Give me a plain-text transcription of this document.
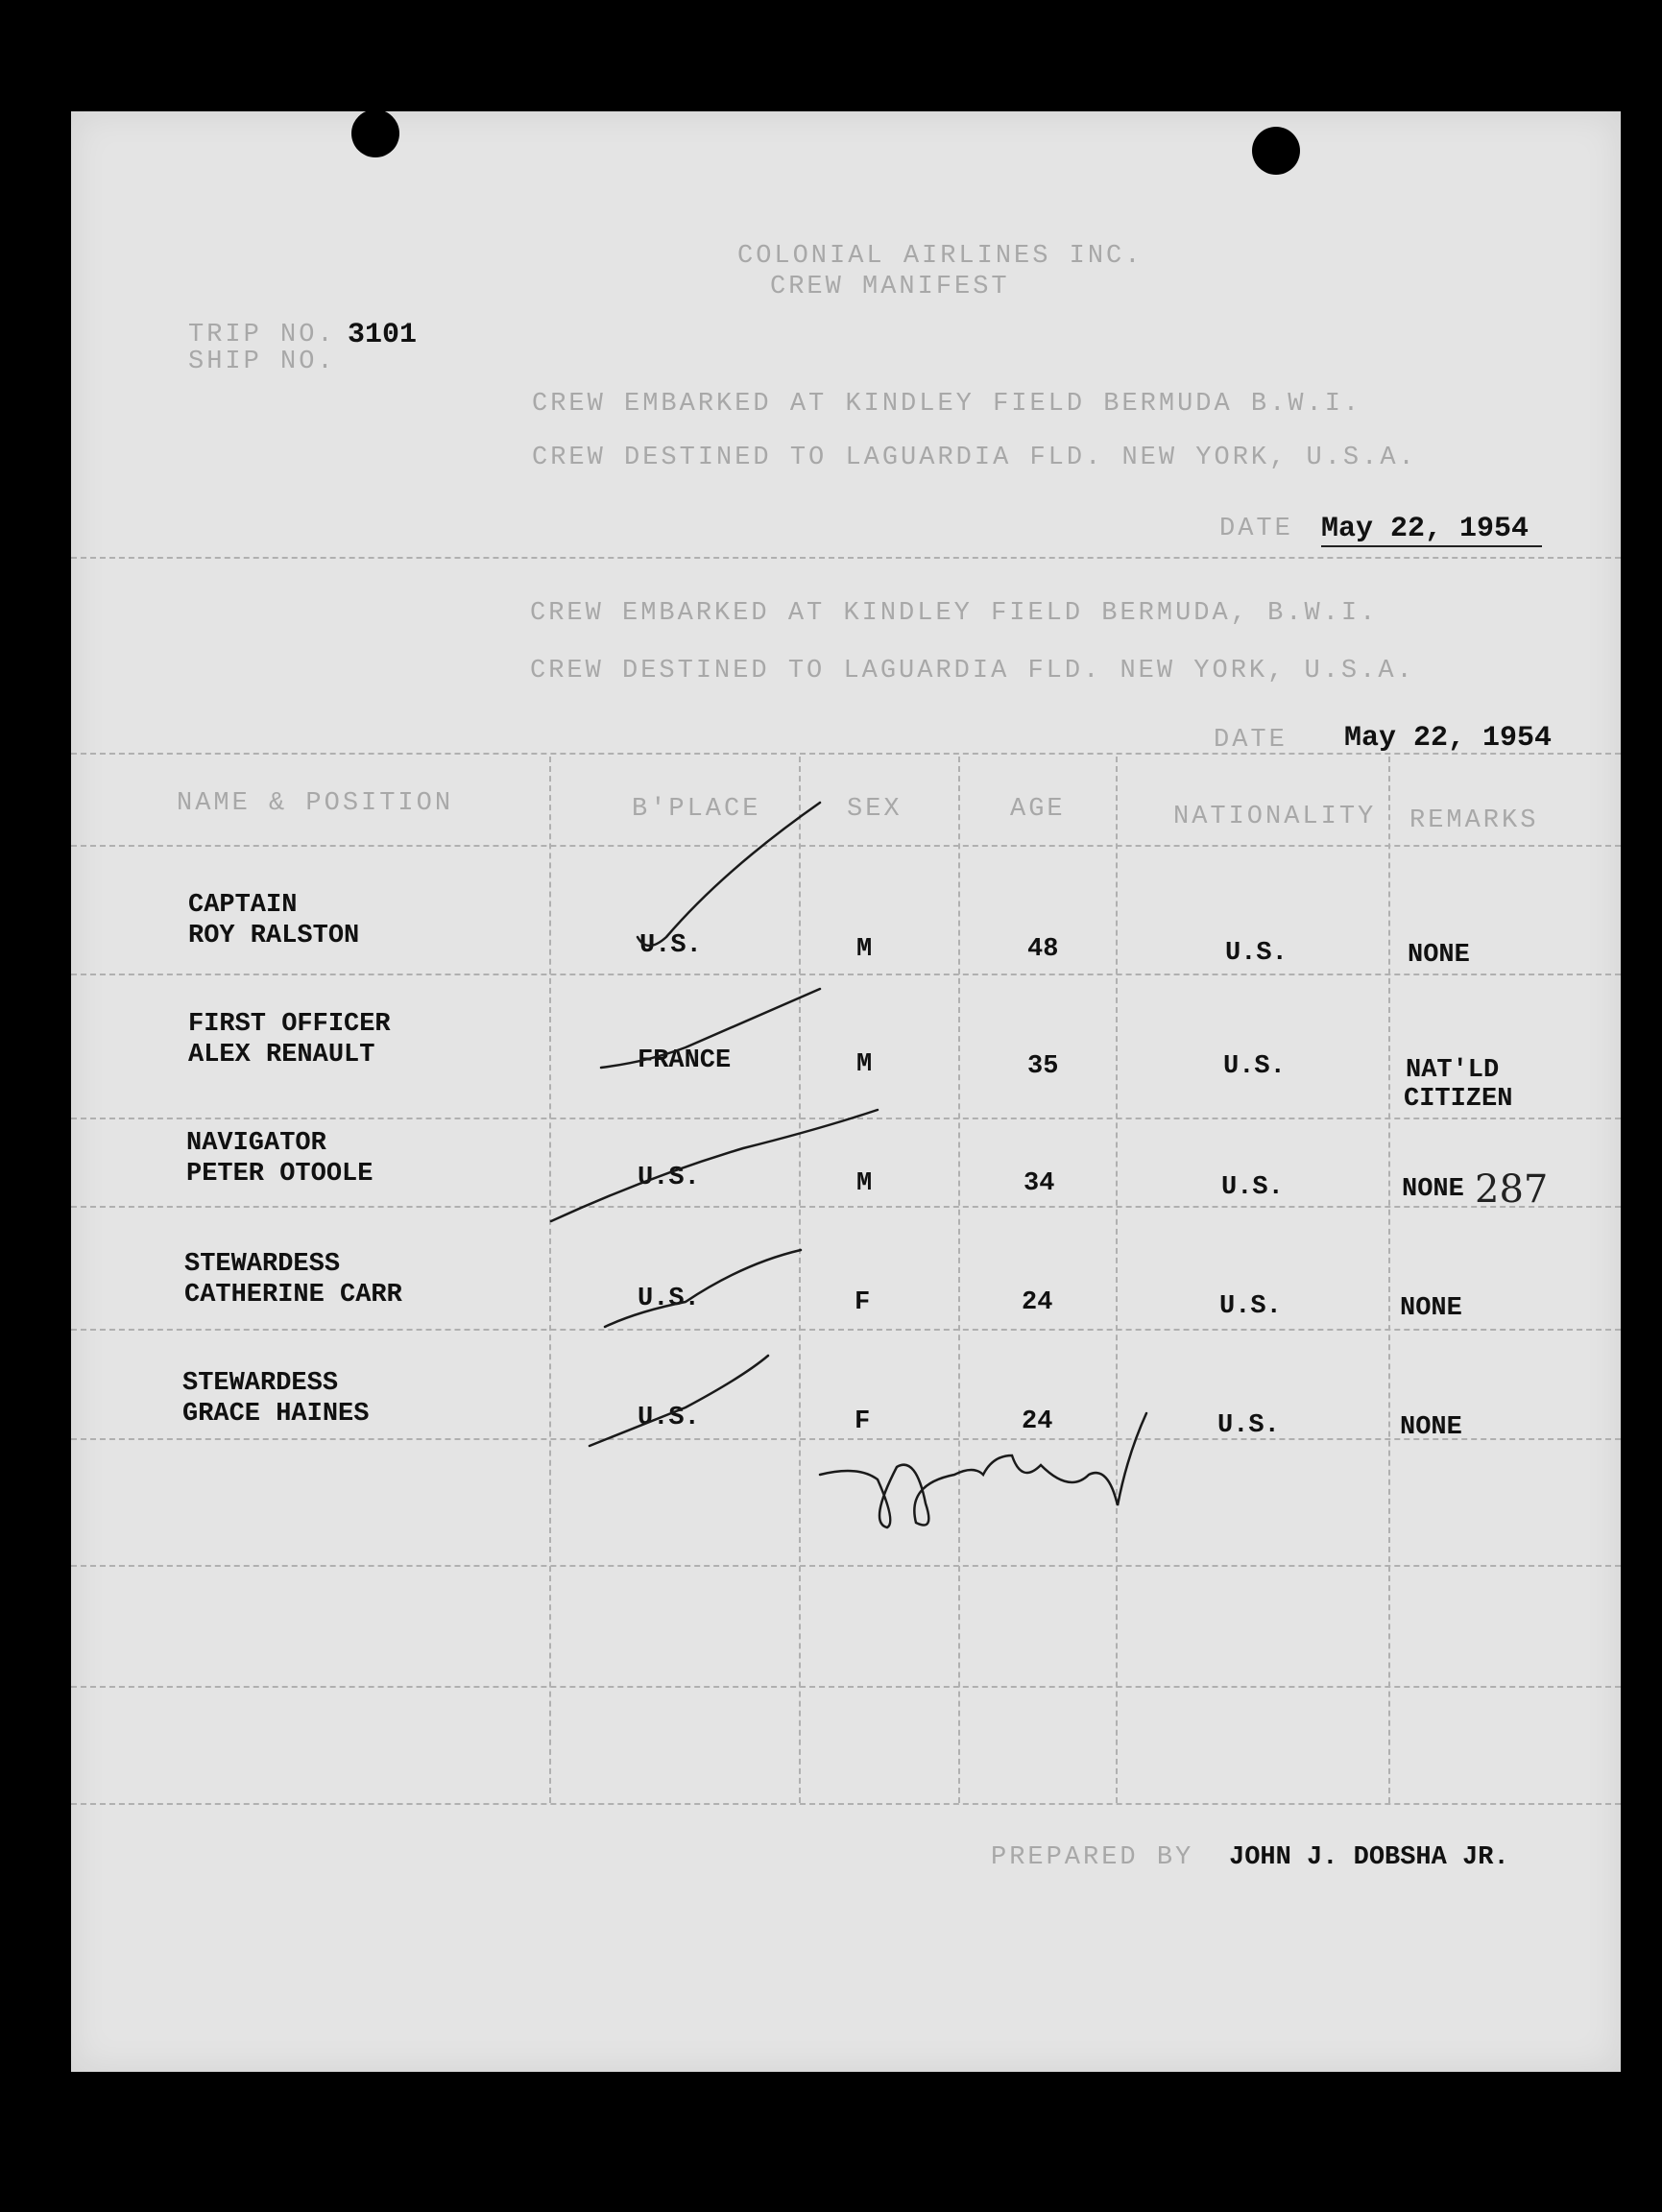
COLONIAL AIRLINES INC.
CREW MANIFEST
TRIP NO. 3101
SHIP NO.
CREW EMBARKED AT KINDLEY FIELD BERMUDA B.W.I.
CREW DESTINED TO LAGUARDIA FLD. NEW YORK, U.S.A.
DATE May 22, 1954
CREW EMBARKED AT KINDLEY FIELD BERMUDA, B.W.I.
CREW DESTINED TO LAGUARDIA FLD. NEW YORK, U.S.A.
DATE May 22, 1954
NAME & POSITION	B'PLACE	SEX	AGE	NATIONALITY REMARKS
CAPTAIN
ROY RALSTON	U.S.	M	48	U.S.	NONE
FIRST OFFICER
ALEX RENAULT	FRANCE	M	35	U.S.	NAT'LD
CITIZEN
NAVIGATOR
PETER OTOOLE	U.S.	M	34	U.S.	NONE
STEWARDESS
CATHERINE CARR	U.S.	F	24	U.S.	NONE
STEWARDESS
GRACE HAINES	U.S.	F	24	U.S.	NONE
287
PREPARED BY JOHN J. DOBSHA JR.
